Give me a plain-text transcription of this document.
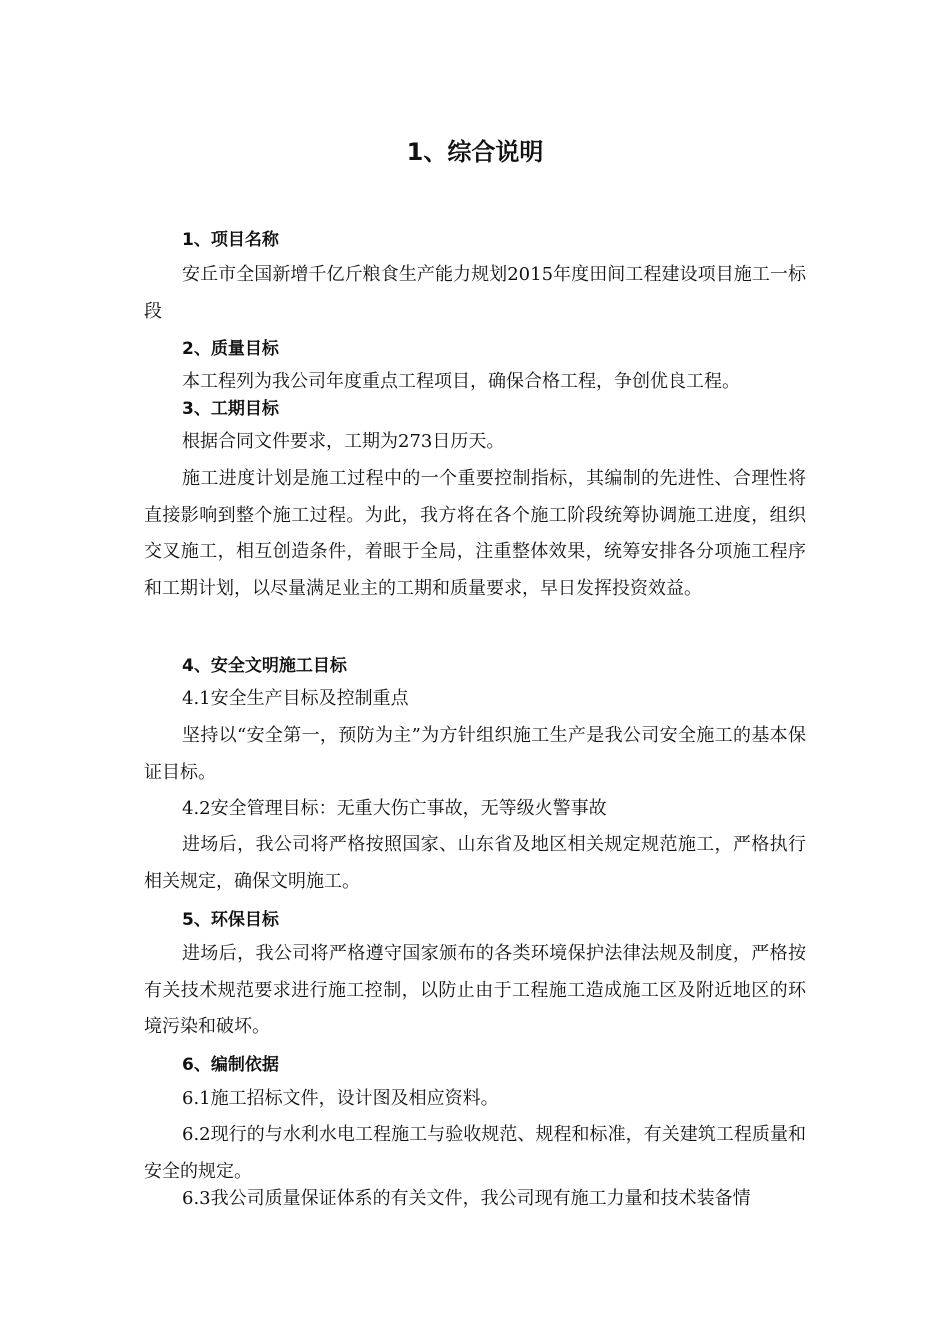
1、综合说明
1、项目名称

安丘市全国新增千亿斤粮食生产能力规划2015年度田间工程建设项目施工一标段

2、质量目标

本工程列为我公司年度重点工程项目，确保合格工程，争创优良工程。

3、工期目标

根据合同文件要求，工期为273日历天。

施工进度计划是施工过程中的一个重要控制指标，其编制的先进性、合理性将直接影响到整个施工过程。为此，我方将在各个施工阶段统筹协调施工进度，组织交叉施工，相互创造条件，着眼于全局，注重整体效果，统筹安排各分项施工程序和工期计划，以尽量满足业主的工期和质量要求，早日发挥投资效益。

4、安全文明施工目标

4.1安全生产目标及控制重点

坚持以“安全第一，预防为主”为方针组织施工生产是我公司安全施工的基本保证目标。

4.2安全管理目标：无重大伤亡事故，无等级火警事故

进场后，我公司将严格按照国家、山东省及地区相关规定规范施工，严格执行相关规定，确保文明施工。

5、环保目标

进场后，我公司将严格遵守国家颁布的各类环境保护法律法规及制度，严格按有关技术规范要求进行施工控制，以防止由于工程施工造成施工区及附近地区的环境污染和破坏。

6、编制依据

6.1施工招标文件，设计图及相应资料。

6.2现行的与水利水电工程施工与验收规范、规程和标准，有关建筑工程质量和安全的规定。

6.3我公司质量保证体系的有关文件，我公司现有施工力量和技术装备情
